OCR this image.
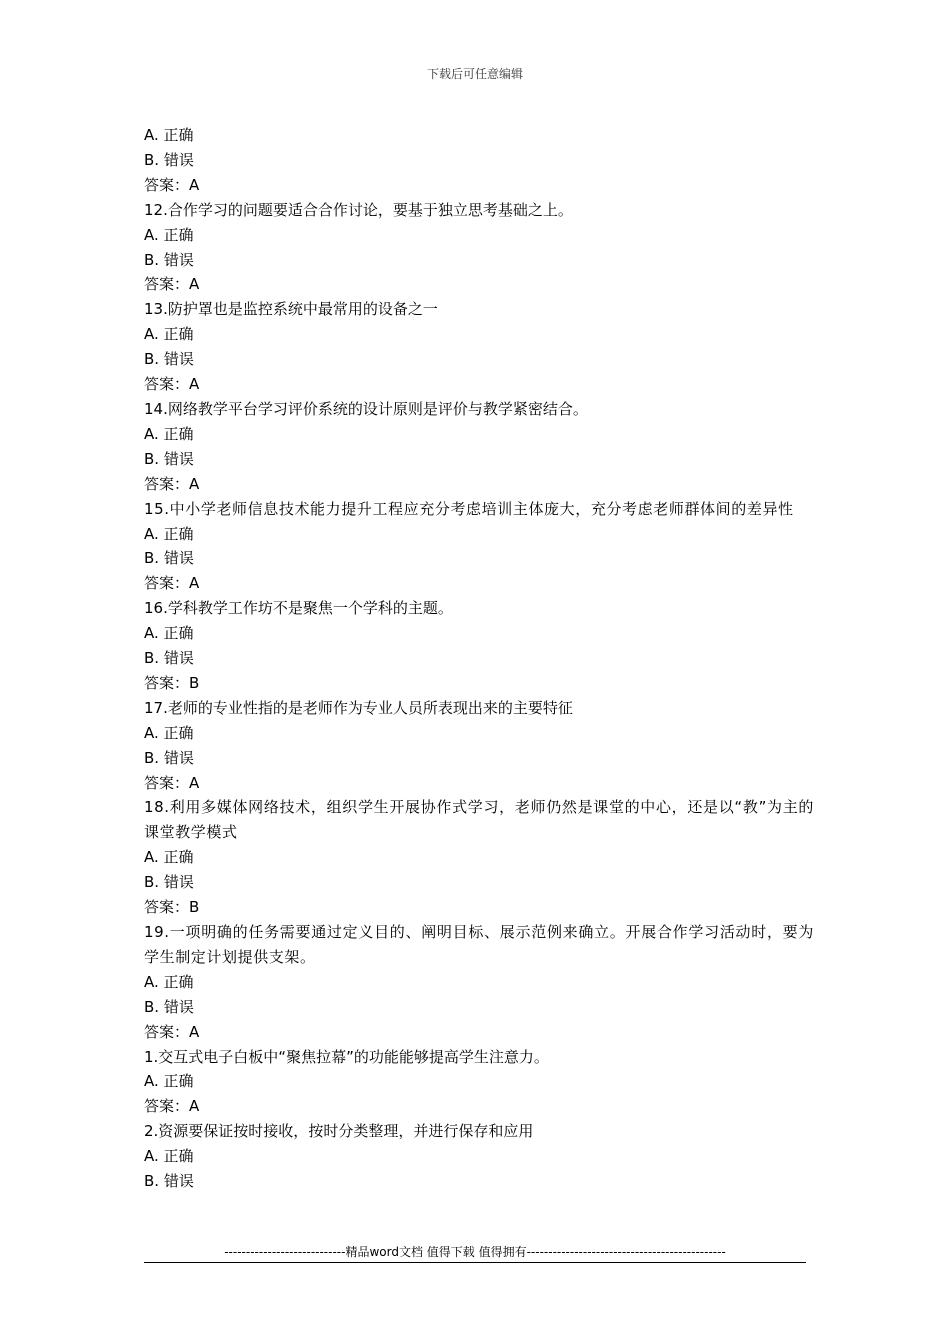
下载后可任意编辑
A. 正确
B. 错误
答案：A
12.合作学习的问题要适合合作讨论，要基于独立思考基础之上。
A. 正确
B. 错误
答案：A
13.防护罩也是监控系统中最常用的设备之一
A. 正确
B. 错误
答案：A
14.网络教学平台学习评价系统的设计原则是评价与教学紧密结合。
A. 正确
B. 错误
答案：A
15.中小学老师信息技术能力提升工程应充分考虑培训主体庞大，充分考虑老师群体间的差异性
A. 正确
B. 错误
答案：A
16.学科教学工作坊不是聚焦一个学科的主题。
A. 正确
B. 错误
答案：B
17.老师的专业性指的是老师作为专业人员所表现出来的主要特征
A. 正确
B. 错误
答案：A
18.利用多媒体网络技术，组织学生开展协作式学习，老师仍然是课堂的中心，还是以“教”为主的课堂教学模式
A. 正确
B. 错误
答案：B
19.一项明确的任务需要通过定义目的、阐明目标、展示范例来确立。开展合作学习活动时，要为学生制定计划提供支架。
A. 正确
B. 错误
答案：A
1.交互式电子白板中“聚焦拉幕”的功能能够提高学生注意力。
A. 正确
答案：A
2.资源要保证按时接收，按时分类整理，并进行保存和应用
A. 正确
B. 错误
----------------------------精品word文档 值得下载 值得拥有----------------------------------------------
